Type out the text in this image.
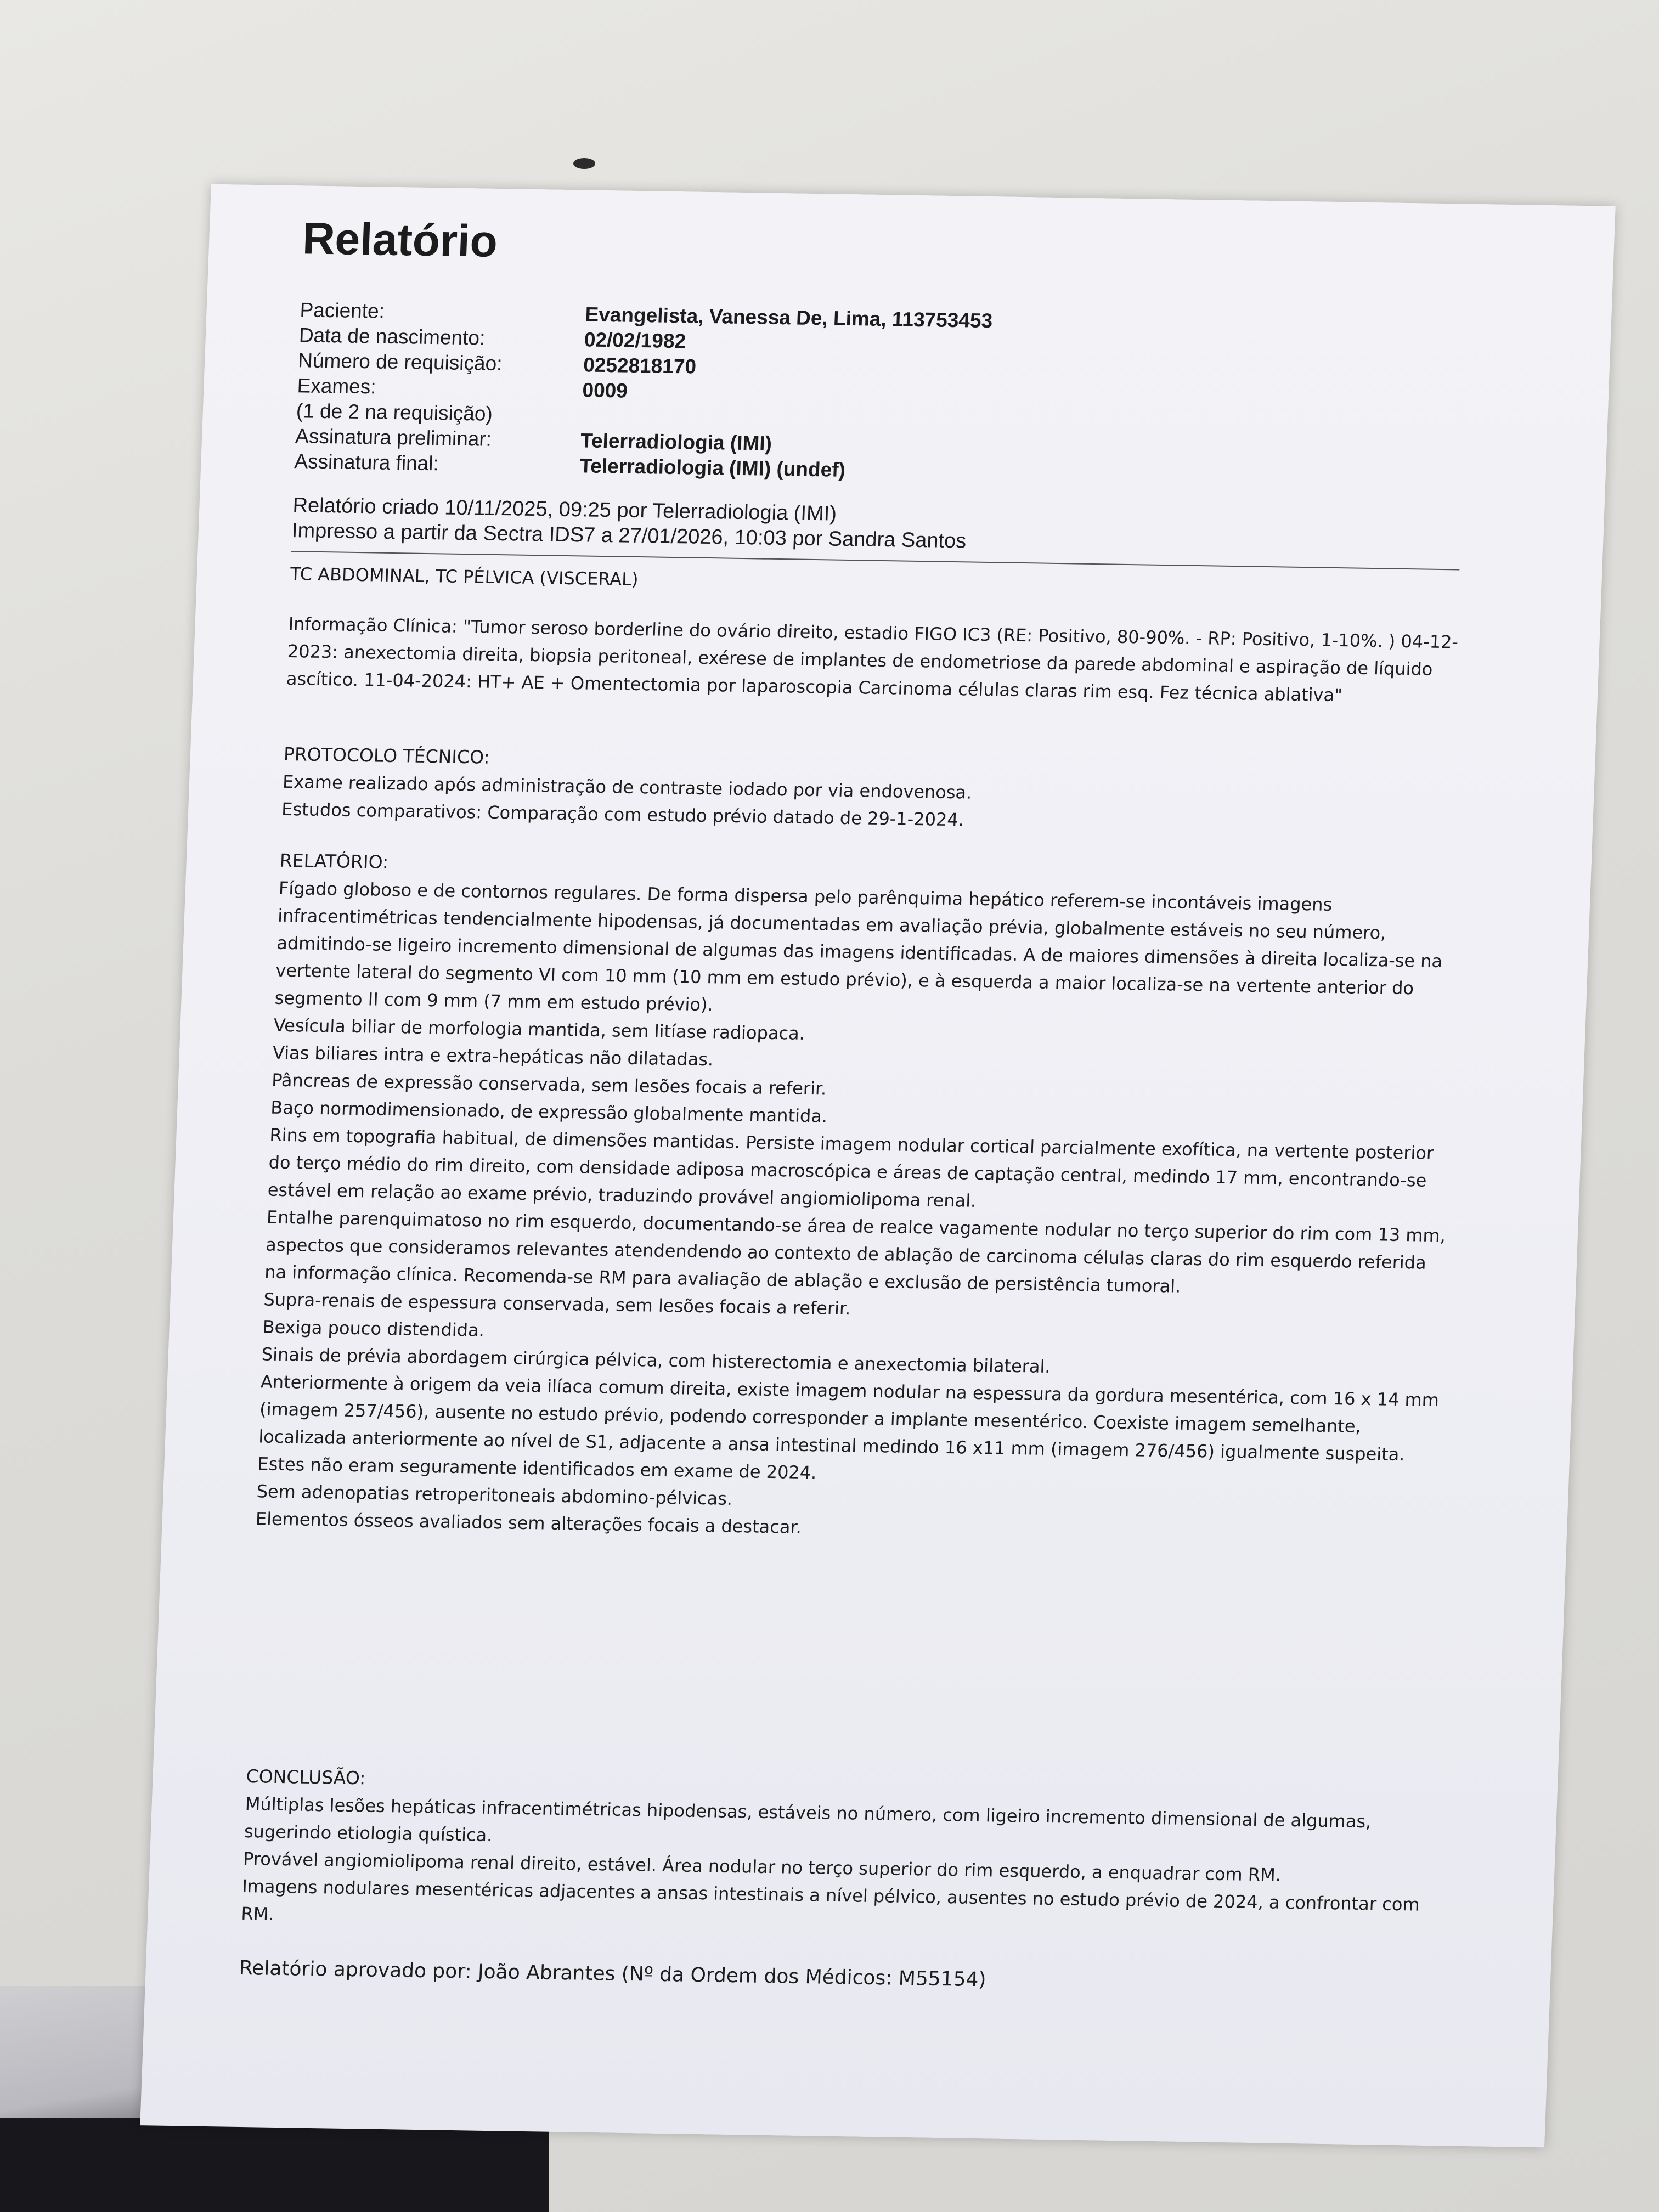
Relatório
Paciente:	Evangelista, Vanessa De, Lima, 113753453
Data de nascimento:	02/02/1982
Número de requisição:	0252818170
Exames:	0009
(1 de 2 na requisição)
Assinatura preliminar:	Telerradiologia (IMI)
Assinatura final:	Telerradiologia (IMI) (undef)
Relatório criado 10/11/2025, 09:25 por Telerradiologia (IMI)
Impresso a partir da Sectra IDS7 a 27/01/2026, 10:03 por Sandra Santos
TC ABDOMINAL, TC PÉLVICA (VISCERAL)
Informação Clínica: "Tumor seroso borderline do ovário direito, estadio FIGO IC3 (RE: Positivo, 80-90%. - RP: Positivo, 1-10%. ) 04-12-2023: anexectomia direita, biopsia peritoneal, exérese de implantes de endometriose da parede abdominal e aspiração de líquido ascítico. 11-04-2024: HT+ AE + Omentectomia por laparoscopia Carcinoma células claras rim esq. Fez técnica ablativa"
PROTOCOLO TÉCNICO:
Exame realizado após administração de contraste iodado por via endovenosa.
Estudos comparativos: Comparação com estudo prévio datado de 29-1-2024.
RELATÓRIO:
Fígado globoso e de contornos regulares. De forma dispersa pelo parênquima hepático referem-se incontáveis imagens infracentimétricas tendencialmente hipodensas, já documentadas em avaliação prévia, globalmente estáveis no seu número, admitindo-se ligeiro incremento dimensional de algumas das imagens identificadas. A de maiores dimensões à direita localiza-se na vertente lateral do segmento VI com 10 mm (10 mm em estudo prévio), e à esquerda a maior localiza-se na vertente anterior do segmento II com 9 mm (7 mm em estudo prévio).
Vesícula biliar de morfologia mantida, sem litíase radiopaca.
Vias biliares intra e extra-hepáticas não dilatadas.
Pâncreas de expressão conservada, sem lesões focais a referir.
Baço normodimensionado, de expressão globalmente mantida.
Rins em topografia habitual, de dimensões mantidas. Persiste imagem nodular cortical parcialmente exofítica, na vertente posterior do terço médio do rim direito, com densidade adiposa macroscópica e áreas de captação central, medindo 17 mm, encontrando-se estável em relação ao exame prévio, traduzindo provável angiomiolipoma renal.
Entalhe parenquimatoso no rim esquerdo, documentando-se área de realce vagamente nodular no terço superior do rim com 13 mm, aspectos que consideramos relevantes atendendendo ao contexto de ablação de carcinoma células claras do rim esquerdo referida na informação clínica. Recomenda-se RM para avaliação de ablação e exclusão de persistência tumoral.
Supra-renais de espessura conservada, sem lesões focais a referir.
Bexiga pouco distendida.
Sinais de prévia abordagem cirúrgica pélvica, com histerectomia e anexectomia bilateral.
Anteriormente à origem da veia ilíaca comum direita, existe imagem nodular na espessura da gordura mesentérica, com 16 x 14 mm (imagem 257/456), ausente no estudo prévio, podendo corresponder a implante mesentérico. Coexiste imagem semelhante, localizada anteriormente ao nível de S1, adjacente a ansa intestinal medindo 16 x11 mm (imagem 276/456) igualmente suspeita. Estes não eram seguramente identificados em exame de 2024.
Sem adenopatias retroperitoneais abdomino-pélvicas.
Elementos ósseos avaliados sem alterações focais a destacar.
CONCLUSÃO:
Múltiplas lesões hepáticas infracentimétricas hipodensas, estáveis no número, com ligeiro incremento dimensional de algumas, sugerindo etiologia quística.
Provável angiomiolipoma renal direito, estável. Área nodular no terço superior do rim esquerdo, a enquadrar com RM.
Imagens nodulares mesentéricas adjacentes a ansas intestinais a nível pélvico, ausentes no estudo prévio de 2024, a confrontar com RM.
Relatório aprovado por: João Abrantes (Nº da Ordem dos Médicos: M55154)
